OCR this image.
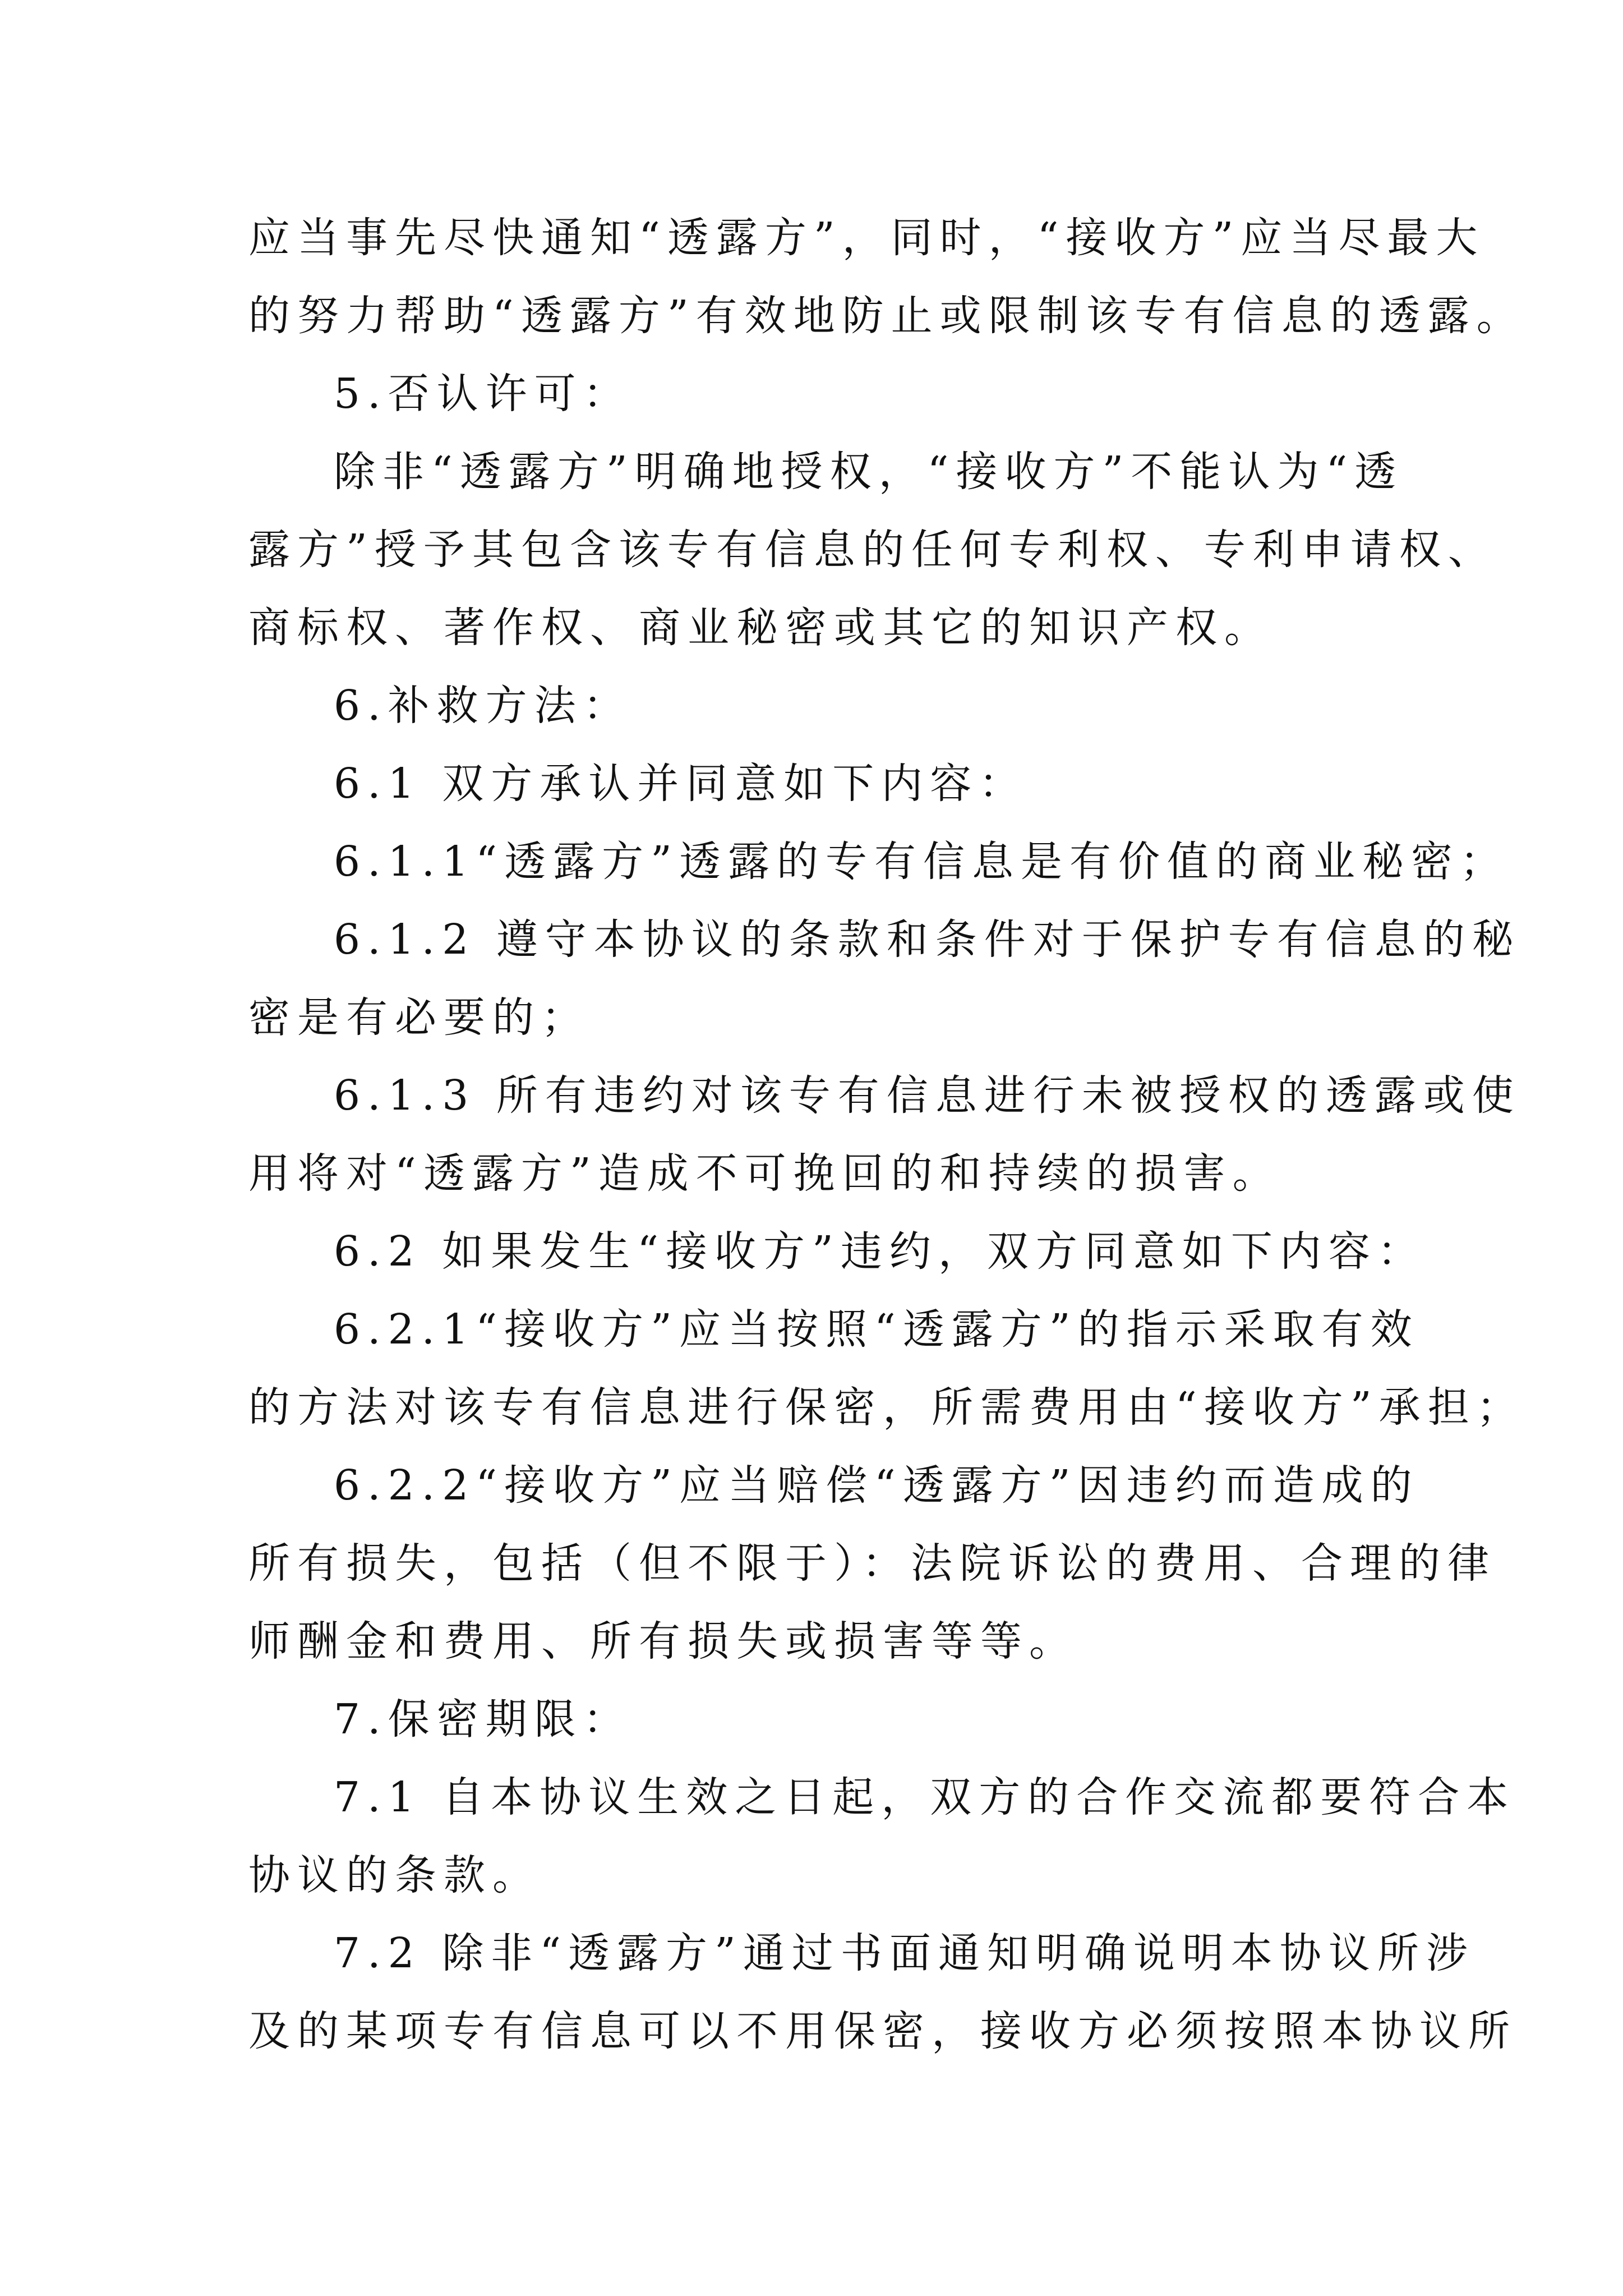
应当事先尽快通知“透露方”，同时，“接收方”应当尽最大
的努力帮助“透露方”有效地防止或限制该专有信息的透露。
5.否认许可：
除非“透露方”明确地授权，“接收方”不能认为“透
露方”授予其包含该专有信息的任何专利权、专利申请权、
商标权、著作权、商业秘密或其它的知识产权。
6.补救方法：
6.1 双方承认并同意如下内容：
6.1.1“透露方”透露的专有信息是有价值的商业秘密；
6.1.2 遵守本协议的条款和条件对于保护专有信息的秘
密是有必要的；
6.1.3 所有违约对该专有信息进行未被授权的透露或使
用将对“透露方”造成不可挽回的和持续的损害。
6.2 如果发生“接收方”违约，双方同意如下内容：
6.2.1“接收方”应当按照“透露方”的指示采取有效
的方法对该专有信息进行保密，所需费用由“接收方”承担；
6.2.2“接收方”应当赔偿“透露方”因违约而造成的
所有损失，包括（但不限于）：法院诉讼的费用、合理的律
师酬金和费用、所有损失或损害等等。
7.保密期限：
7.1 自本协议生效之日起，双方的合作交流都要符合本
协议的条款。
7.2 除非“透露方”通过书面通知明确说明本协议所涉
及的某项专有信息可以不用保密，接收方必须按照本协议所
